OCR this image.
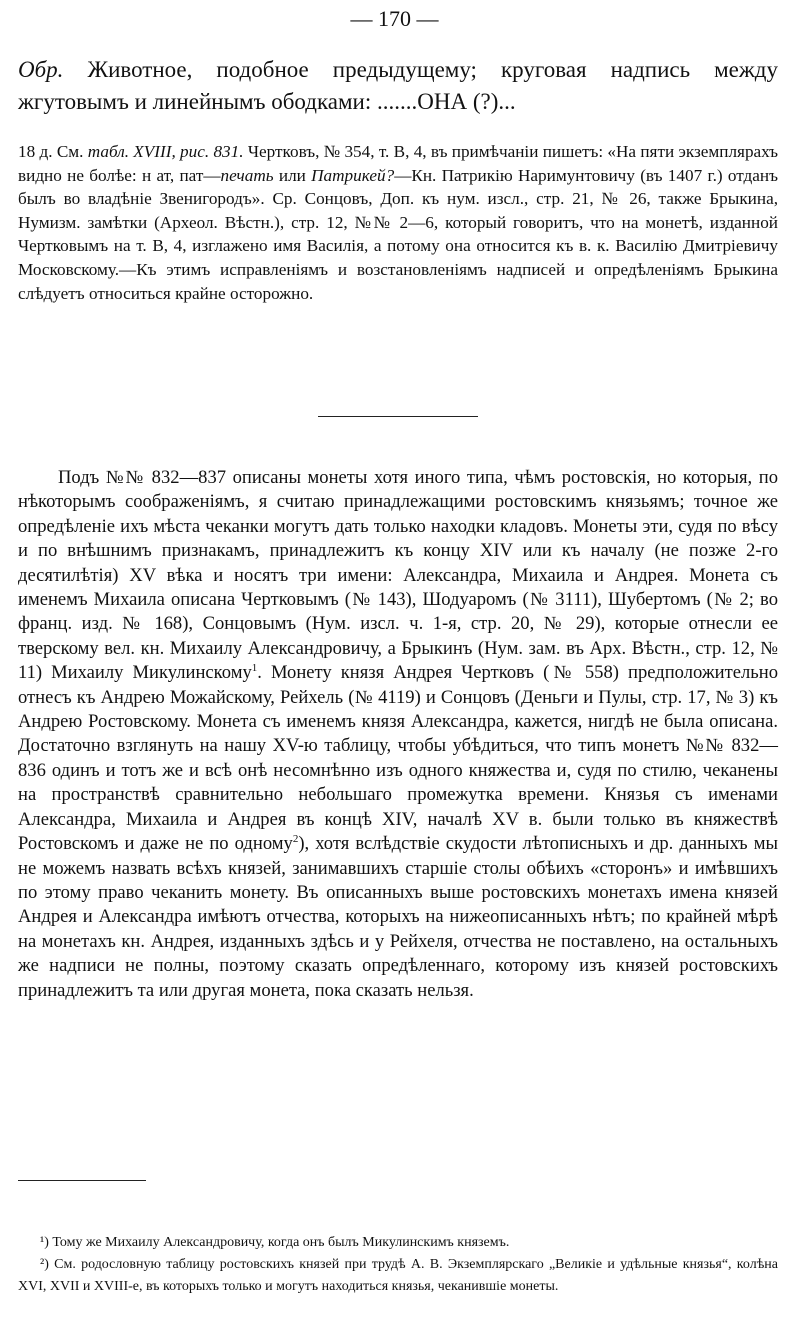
— 170 —
Обр. Животное, подобное предыдущему; круговая надпись между жгутовымъ и линейнымъ ободками: .......ОНА (?)...
18 д. См. табл. XVIII, рис. 831. Чертковъ, № 354, т. В, 4, въ примѣчаніи пишетъ: «На пяти экземплярахъ видно не болѣе: н ат, пат—печать или Патрикей?—Кн. Патрикію Наримунтовичу (въ 1407 г.) отданъ былъ во владѣніе Звенигородъ». Ср. Сонцовъ, Доп. къ нум. изсл., стр. 21, № 26, также Брыкина, Нумизм. замѣтки (Археол. Вѣстн.), стр. 12, №№ 2—6, который говоритъ, что на монетѣ, изданной Чертковымъ на т. В, 4, изглажено имя Василія, а потому она относится къ в. к. Василію Дмитріевичу Московскому.—Къ этимъ исправленіямъ и возстановленіямъ надписей и опредѣленіямъ Брыкина слѣдуетъ относиться крайне осторожно.
Подъ №№ 832—837 описаны монеты хотя иного типа, чѣмъ ростовскія, но которыя, по нѣкоторымъ соображеніямъ, я считаю принадлежащими ростовскимъ князьямъ; точное же опредѣленіе ихъ мѣста чеканки могутъ дать только находки кладовъ. Монеты эти, судя по вѣсу и по внѣшнимъ признакамъ, принадлежитъ къ концу XIV или къ началу (не позже 2-го десятилѣтія) XV вѣка и носятъ три имени: Александра, Михаила и Андрея. Монета съ именемъ Михаила описана Чертковымъ (№ 143), Шодуаромъ (№ 3111), Шубертомъ (№ 2; во франц. изд. № 168), Сонцовымъ (Нум. изсл. ч. 1-я, стр. 20, № 29), которые отнесли ее тверскому вел. кн. Михаилу Александровичу, а Брыкинъ (Нум. зам. въ Арх. Вѣстн., стр. 12, № 11) Михаилу Микулинскому$^1$. Монету князя Андрея Чертковъ (№ 558) предположительно отнесъ къ Андрею Можайскому, Рейхель (№ 4119) и Сонцовъ (Деньги и Пулы, стр. 17, № 3) къ Андрею Ростовскому. Монета съ именемъ князя Александра, кажется, нигдѣ не была описана. Достаточно взглянуть на нашу XV-ю таблицу, чтобы убѣдиться, что типъ монетъ №№ 832—836 одинъ и тотъ же и всѣ онѣ несомнѣнно изъ одного княжества и, судя по стилю, чеканены на пространствѣ сравнительно небольшаго промежутка времени. Князья съ именами Александра, Михаила и Андрея въ концѣ XIV, началѣ XV в. были только въ княжествѣ Ростовскомъ и даже не по одному$^2$), хотя вслѣдствіе скудости лѣтописныхъ и др. данныхъ мы не можемъ назвать всѣхъ князей, занимавшихъ старшіе столы обѣихъ «сторонъ» и имѣвшихъ по этому право чеканить монету. Въ описанныхъ выше ростовскихъ монетахъ имена князей Андрея и Александра имѣютъ отчества, которыхъ на нижеописанныхъ нѣтъ; по крайней мѣрѣ на монетахъ кн. Андрея, изданныхъ здѣсь и у Рейхеля, отчества не поставлено, на остальныхъ же надписи не полны, поэтому сказать опредѣленнаго, которому изъ князей ростовскихъ принадлежитъ та или другая монета, пока сказать нельзя.

¹) Тому же Михаилу Александровичу, когда онъ былъ Микулинскимъ княземъ.

²) См. родословную таблицу ростовскихъ князей при трудѣ А. В. Экземплярскаго „Великіе и удѣльные князья“, колѣна XVI, XVII и XVIII-е, въ которыхъ только и могутъ находиться князья, чеканившіе монеты.
